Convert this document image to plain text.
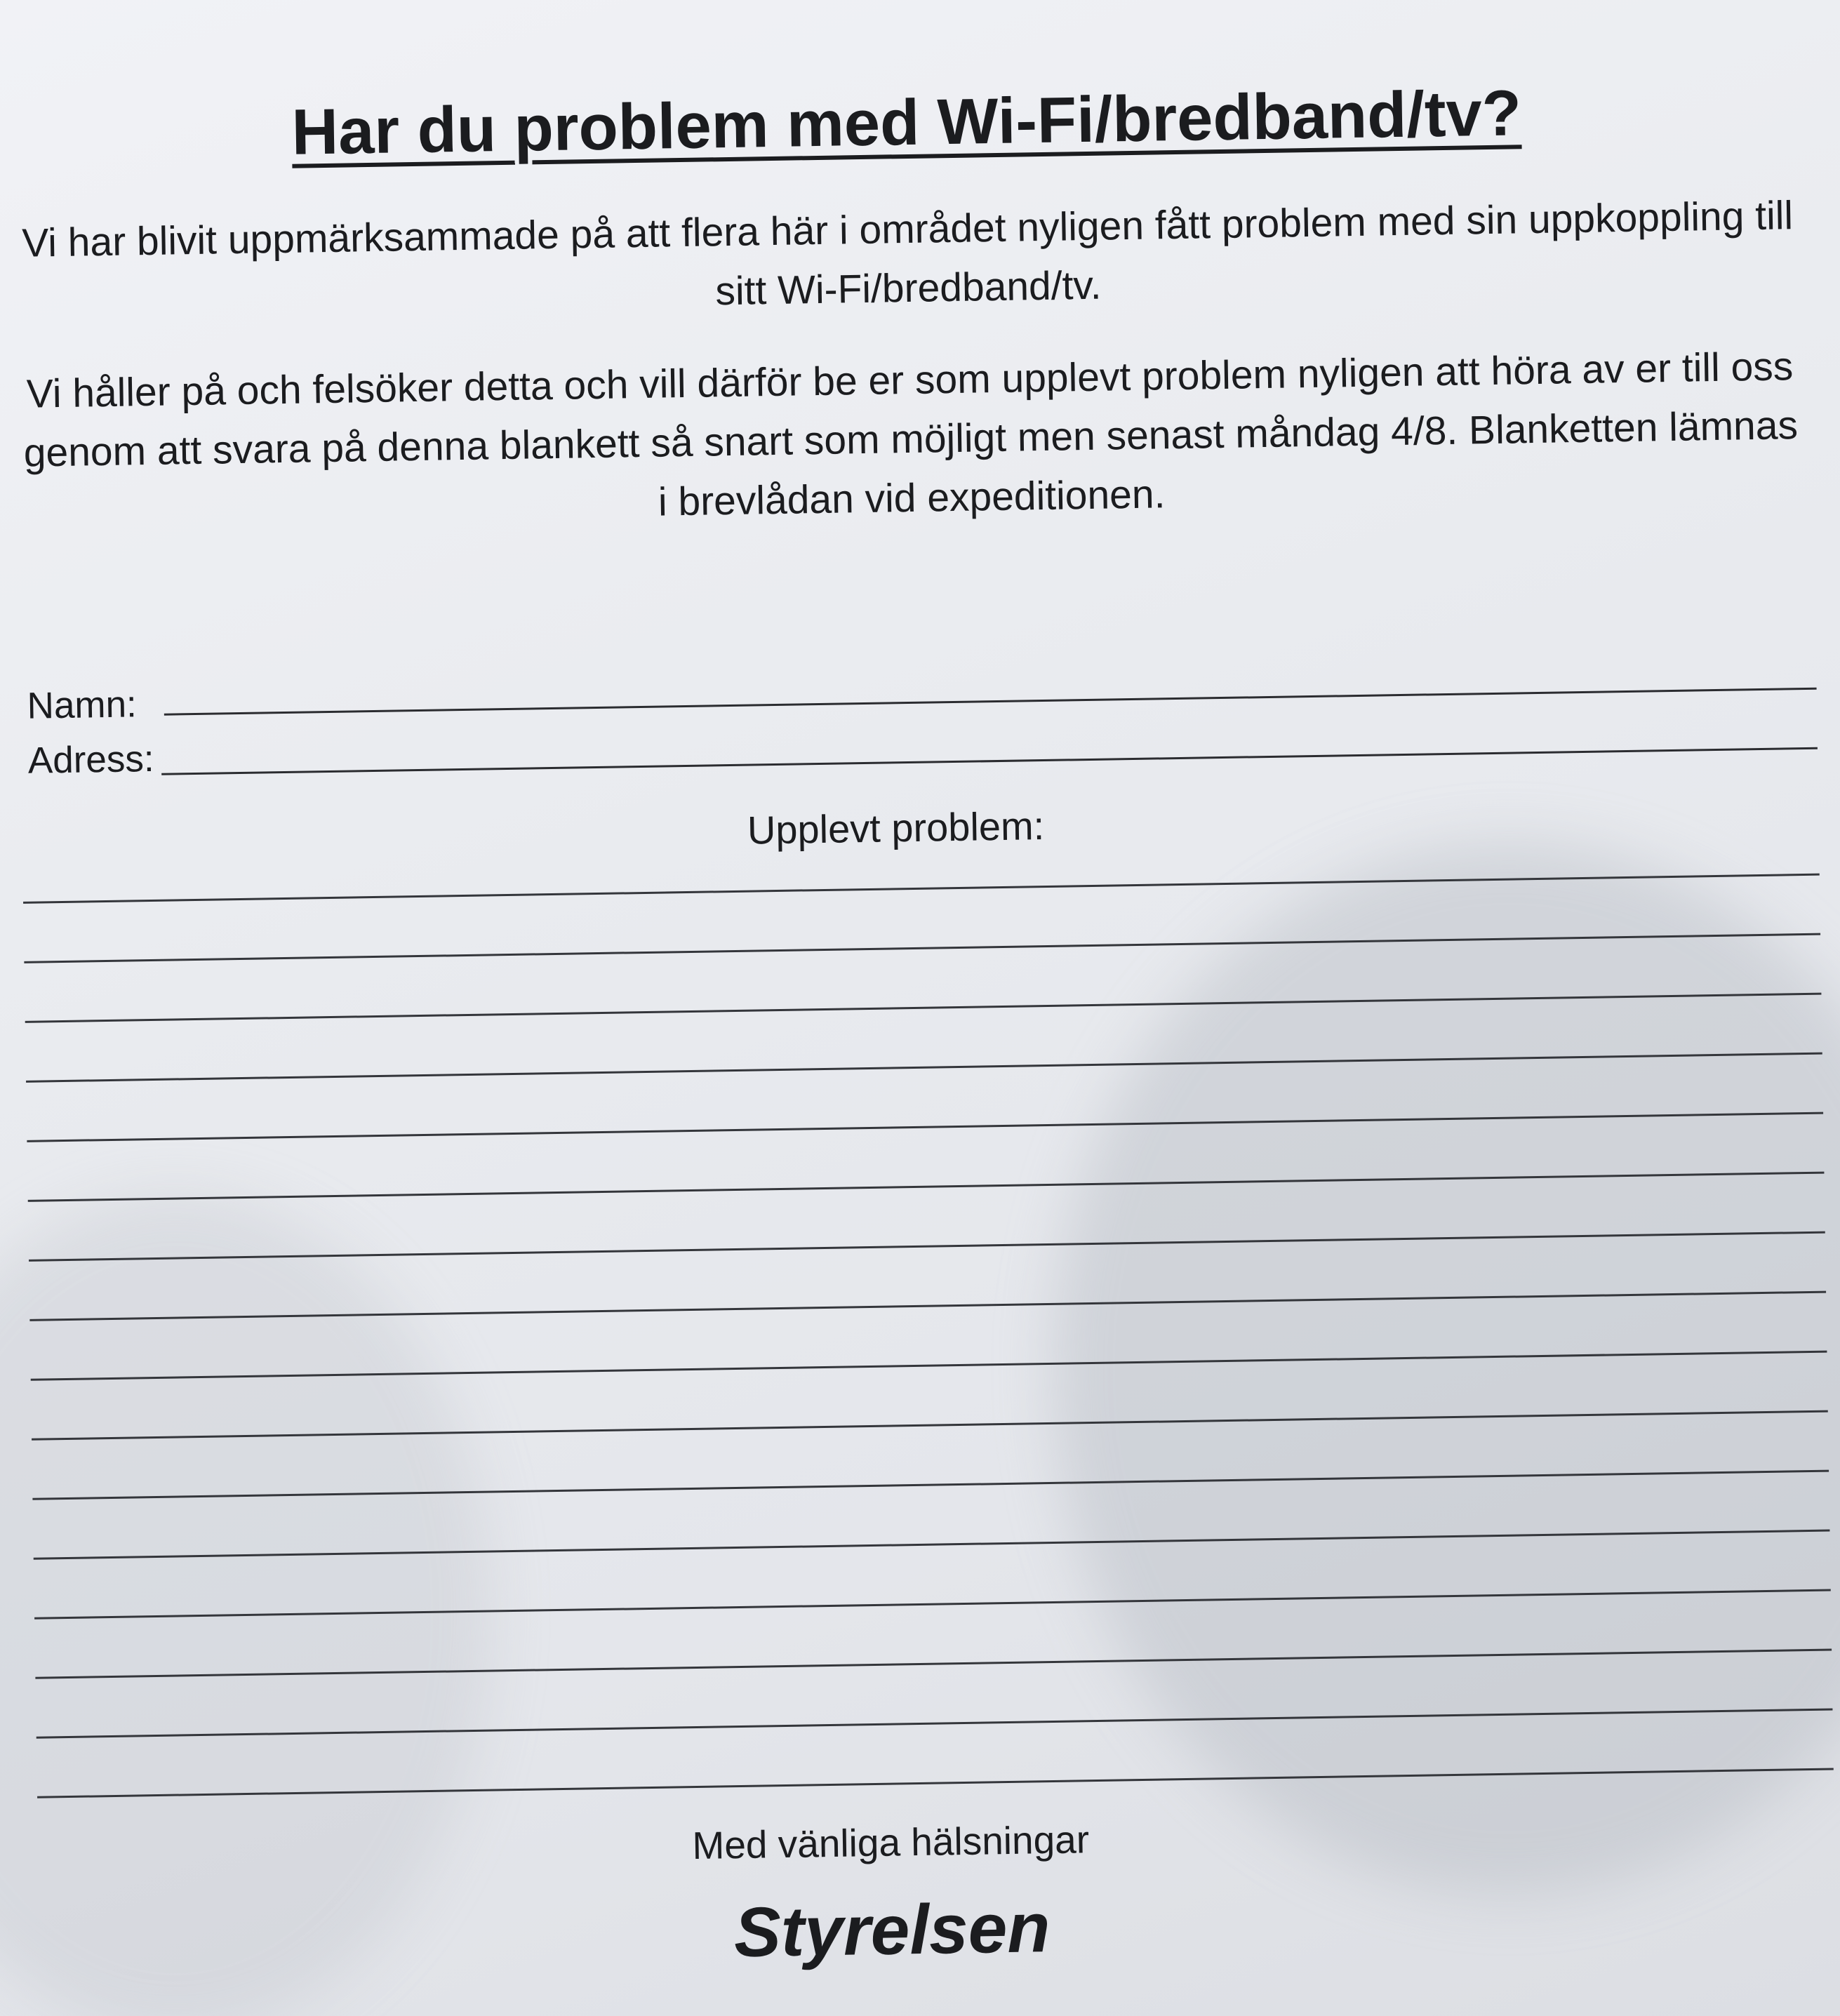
Har du problem med Wi-Fi/bredband/tv?
Vi har blivit uppmärksammade på att flera här i området nyligen fått problem med sin uppkoppling till sitt Wi-Fi/bredband/tv.
Vi håller på och felsöker detta och vill därför be er som upplevt problem nyligen att höra av er till oss genom att svara på denna blankett så snart som möjligt men senast måndag 4/8. Blanketten lämnas i brevlådan vid expeditionen.
Namn:
Adress:
Upplevt problem:
Med vänliga hälsningar
Styrelsen
